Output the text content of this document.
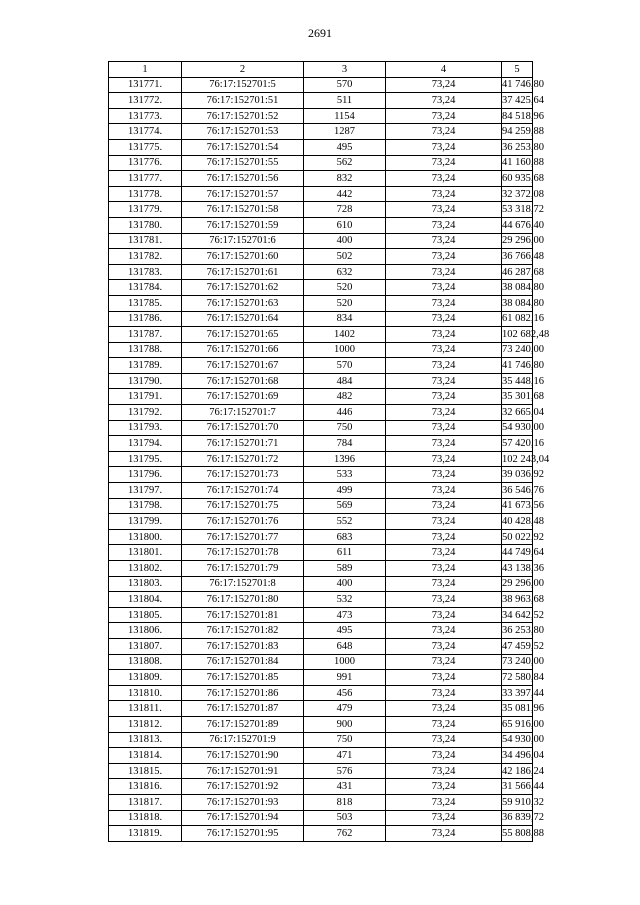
2691
1	2	3	4	5
131771.	76:17:152701:5	570	73,24	41 746,80
131772.	76:17:152701:51	511	73,24	37 425,64
131773.	76:17:152701:52	1154	73,24	84 518,96
131774.	76:17:152701:53	1287	73,24	94 259,88
131775.	76:17:152701:54	495	73,24	36 253,80
131776.	76:17:152701:55	562	73,24	41 160,88
131777.	76:17:152701:56	832	73,24	60 935,68
131778.	76:17:152701:57	442	73,24	32 372,08
131779.	76:17:152701:58	728	73,24	53 318,72
131780.	76:17:152701:59	610	73,24	44 676,40
131781.	76:17:152701:6	400	73,24	29 296,00
131782.	76:17:152701:60	502	73,24	36 766,48
131783.	76:17:152701:61	632	73,24	46 287,68
131784.	76:17:152701:62	520	73,24	38 084,80
131785.	76:17:152701:63	520	73,24	38 084,80
131786.	76:17:152701:64	834	73,24	61 082,16
131787.	76:17:152701:65	1402	73,24	102 682,48
131788.	76:17:152701:66	1000	73,24	73 240,00
131789.	76:17:152701:67	570	73,24	41 746,80
131790.	76:17:152701:68	484	73,24	35 448,16
131791.	76:17:152701:69	482	73,24	35 301,68
131792.	76:17:152701:7	446	73,24	32 665,04
131793.	76:17:152701:70	750	73,24	54 930,00
131794.	76:17:152701:71	784	73,24	57 420,16
131795.	76:17:152701:72	1396	73,24	102 243,04
131796.	76:17:152701:73	533	73,24	39 036,92
131797.	76:17:152701:74	499	73,24	36 546,76
131798.	76:17:152701:75	569	73,24	41 673,56
131799.	76:17:152701:76	552	73,24	40 428,48
131800.	76:17:152701:77	683	73,24	50 022,92
131801.	76:17:152701:78	611	73,24	44 749,64
131802.	76:17:152701:79	589	73,24	43 138,36
131803.	76:17:152701:8	400	73,24	29 296,00
131804.	76:17:152701:80	532	73,24	38 963,68
131805.	76:17:152701:81	473	73,24	34 642,52
131806.	76:17:152701:82	495	73,24	36 253,80
131807.	76:17:152701:83	648	73,24	47 459,52
131808.	76:17:152701:84	1000	73,24	73 240,00
131809.	76:17:152701:85	991	73,24	72 580,84
131810.	76:17:152701:86	456	73,24	33 397,44
131811.	76:17:152701:87	479	73,24	35 081,96
131812.	76:17:152701:89	900	73,24	65 916,00
131813.	76:17:152701:9	750	73,24	54 930,00
131814.	76:17:152701:90	471	73,24	34 496,04
131815.	76:17:152701:91	576	73,24	42 186,24
131816.	76:17:152701:92	431	73,24	31 566,44
131817.	76:17:152701:93	818	73,24	59 910,32
131818.	76:17:152701:94	503	73,24	36 839,72
131819.	76:17:152701:95	762	73,24	55 808,88
